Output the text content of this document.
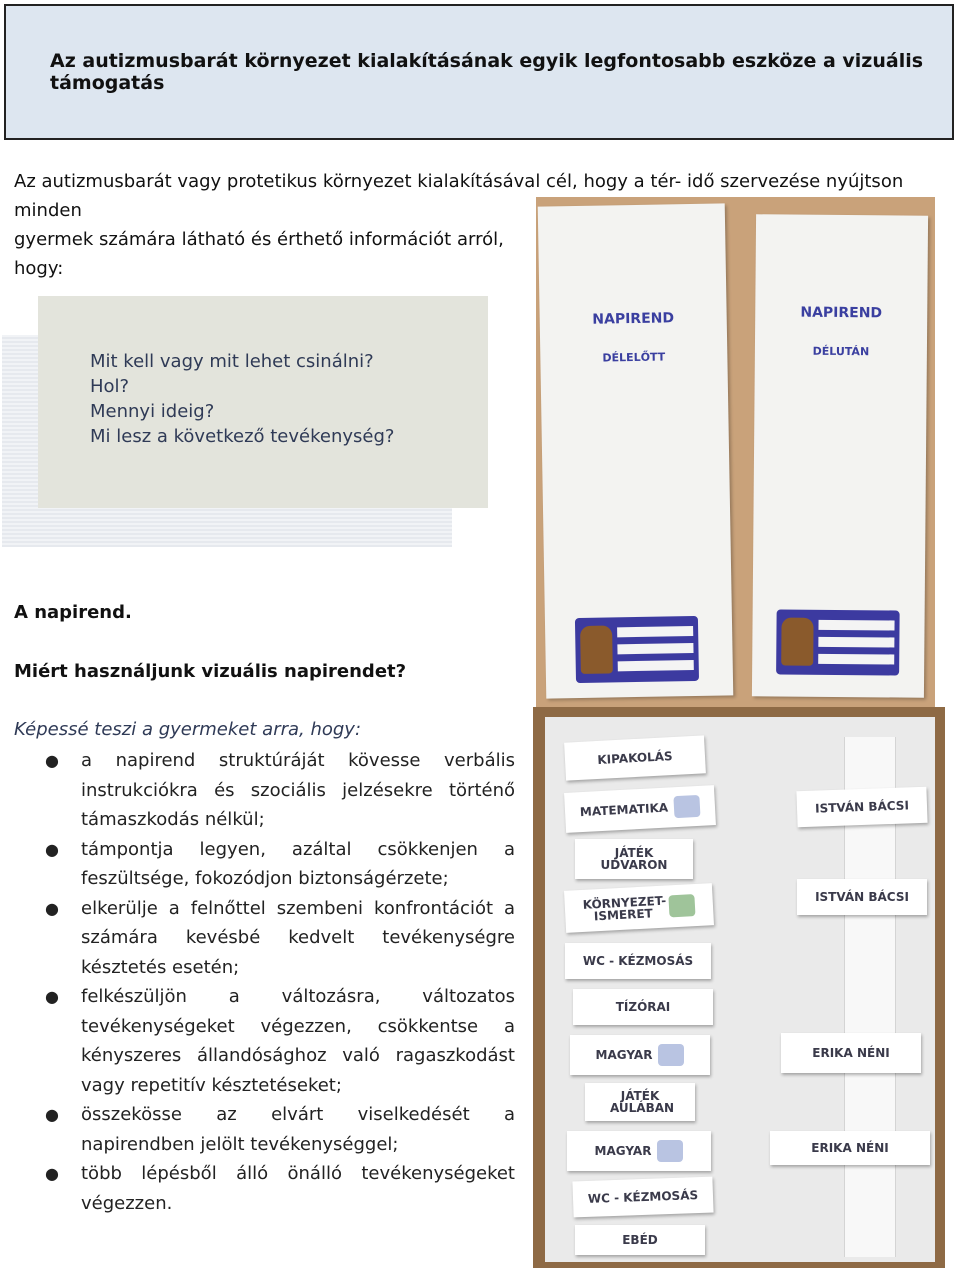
Az autizmusbarát környezet kialakításának egyik legfontosabb eszköze a vizuális támogatás
Az autizmusbarát vagy protetikus környezet kialakításával cél, hogy a tér- idő szervezése nyújtson minden
gyermek számára látható és érthető információt arról,
hogy:
Mit kell vagy mit lehet csinálni?
Hol?
Mennyi ideig?
Mi lesz a következő tevékenység?
A napirend.
Miért használjunk vizuális napirendet?
Képessé teszi a gyermeket arra, hogy:
● a napirend struktúráját kövesse verbális instrukciókra és szociális jelzésekre történő támaszkodás nélkül;
● támpontja legyen, azáltal csökkenjen a feszültsége, fokozódjon biztonságérzete;
● elkerülje a felnőttel szembeni konfrontációt a számára kevésbé kedvelt tevékenységre késztetés esetén;
● felkészüljön a változásra, változatos tevékenységeket végezzen, csökkentse a kényszeres állandósághoz való ragaszkodást vagy repetitív késztetéseket;
● összekösse az elvárt viselkedését a napirendben jelölt tevékenységgel;
● több lépésből álló önálló tevékenységeket végezzen.
NAPIREND
DÉLELŐTT
NAPIREND
DÉLUTÁN
KIPAKOLÁS
MATEMATIKA
JÁTÉK UDVARON
KÖRNYEZET-ISMERET
WC - KÉZMOSÁS
TÍZÓRAI
MAGYAR
JÁTÉK AULÁBAN
MAGYAR
WC - KÉZMOSÁS
EBÉD
ISTVÁN BÁCSI
ISTVÁN BÁCSI
ERIKA NÉNI
ERIKA NÉNI
